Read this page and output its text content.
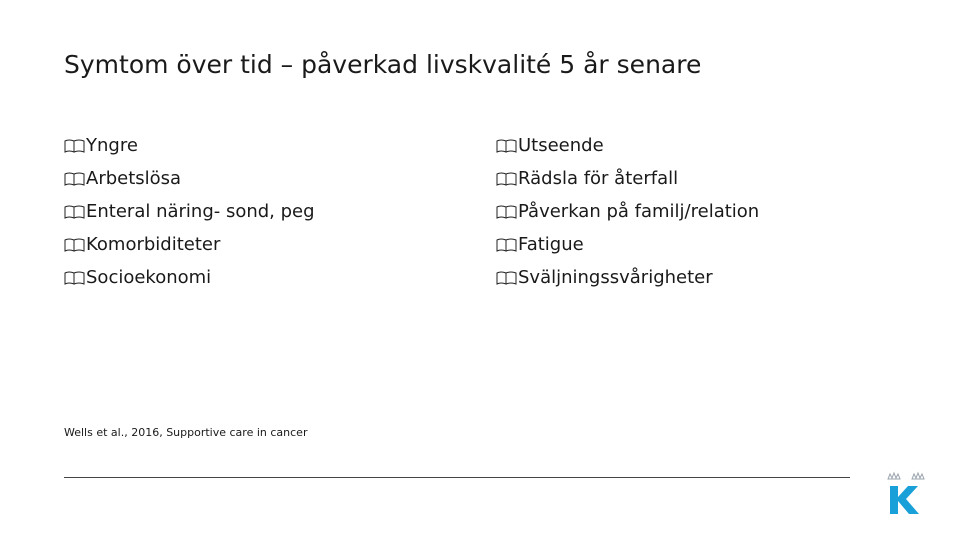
Symtom över tid – påverkad livskvalité 5 år senare
Yngre
Arbetslösa
Enteral näring- sond, peg
Komorbiditeter
Socioekonomi
Utseende
Rädsla för återfall
Påverkan på familj/relation
Fatigue
Sväljningssvårigheter
Wells et al., 2016, Supportive care in cancer
